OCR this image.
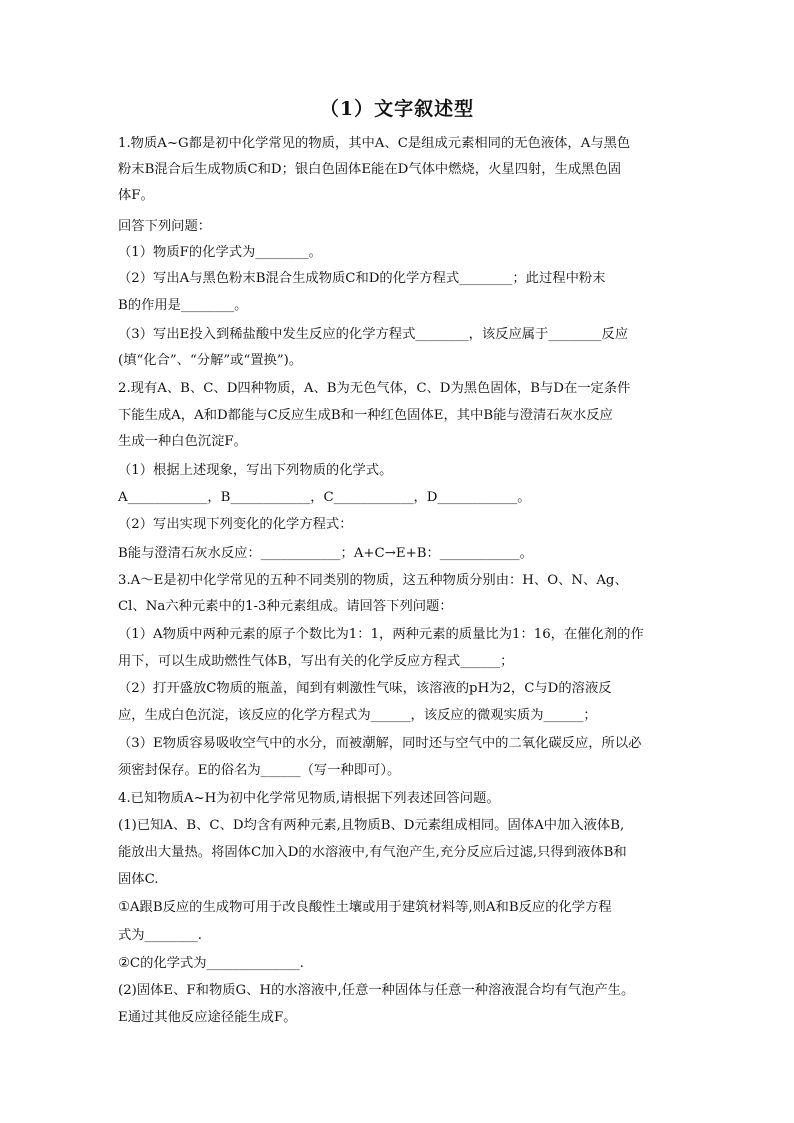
（1）文字叙述型
1.物质A~G都是初中化学常见的物质，其中A、C是组成元素相同的无色液体，A与黑色
粉末B混合后生成物质C和D；银白色固体E能在D气体中燃烧，火星四射，生成黑色固
体F。
回答下列问题：
（1）物质F的化学式为________。
（2）写出A与黑色粉末B混合生成物质C和D的化学方程式________；此过程中粉末
B的作用是________。
（3）写出E投入到稀盐酸中发生反应的化学方程式________，该反应属于________反应
(填“化合”、“分解”或“置换”)。
2.现有A、B、C、D四种物质，A、B为无色气体，C、D为黑色固体，B与D在一定条件
下能生成A，A和D都能与C反应生成B和一种红色固体E，其中B能与澄清石灰水反应
生成一种白色沉淀F。
（1）根据上述现象，写出下列物质的化学式。
A____________，B____________，C____________，D____________。
（2）写出实现下列变化的化学方程式：
B能与澄清石灰水反应：____________；A+C→E+B：____________。
3.A～E是初中化学常见的五种不同类别的物质，这五种物质分别由：H、O、N、Ag、
Cl、Na六种元素中的1-3种元素组成。请回答下列问题：
（1）A物质中两种元素的原子个数比为1：1，两种元素的质量比为1：16，在催化剂的作
用下，可以生成助燃性气体B，写出有关的化学反应方程式______；
（2）打开盛放C物质的瓶盖，闻到有刺激性气味，该溶液的pH为2，C与D的溶液反
应，生成白色沉淀，该反应的化学方程式为______，该反应的微观实质为______；
（3）E物质容易吸收空气中的水分，而被潮解，同时还与空气中的二氧化碳反应，所以必
须密封保存。E的俗名为______（写一种即可）。
4.已知物质A~H为初中化学常见物质,请根据下列表述回答问题。
(1)已知A、B、C、D均含有两种元素,且物质B、D元素组成相同。固体A中加入液体B,
能放出大量热。将固体C加入D的水溶液中,有气泡产生,充分反应后过滤,只得到液体B和
固体C.
①A跟B反应的生成物可用于改良酸性土壤或用于建筑材料等,则A和B反应的化学方程
式为________.
②C的化学式为______________.
(2)固体E、F和物质G、H的水溶液中,任意一种固体与任意一种溶液混合均有气泡产生。
E通过其他反应途径能生成F。
